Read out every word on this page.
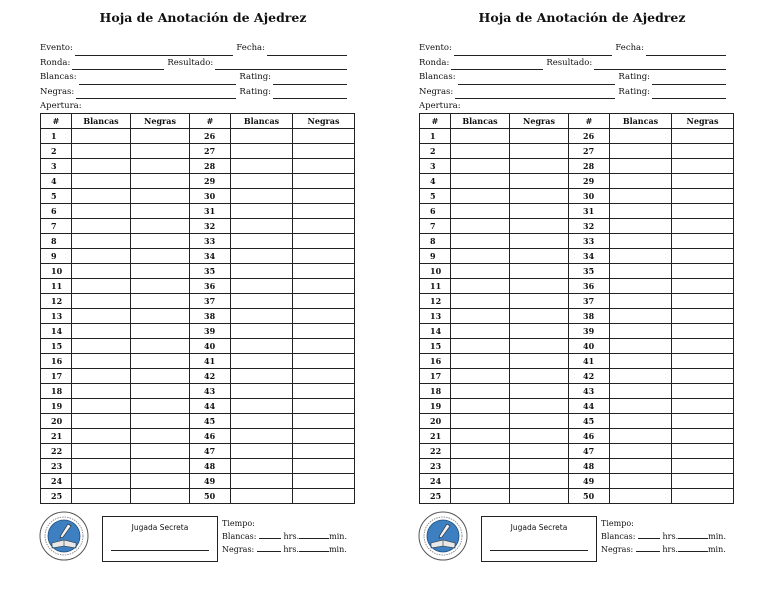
Hoja de Anotación de Ajedrez
Evento:	Fecha:
Ronda:	Resultado:
Blancas:	Rating:
Negras:	Rating:
Apertura:
#	Blancas	Negras	#	Blancas	Negras
1			26		
2			27		
3			28		
4			29		
5			30		
6			31		
7			32		
8			33		
9			34		
10			35		
11			36		
12			37		
13			38		
14			39		
15			40		
16			41		
17			42		
18			43		
19			44		
20			45		
21			46		
22			47		
23			48		
24			49		
25			50		
Jugada Secreta	Tiempo:
Blancas:	hrs.	min.
Negras:	hrs.	min.
Hoja de Anotación de Ajedrez
Evento:	Fecha:
Ronda:	Resultado:
Blancas:	Rating:
Negras:	Rating:
Apertura:
#	Blancas	Negras	#	Blancas	Negras
1			26		
2			27		
3			28		
4			29		
5			30		
6			31		
7			32		
8			33		
9			34		
10			35		
11			36		
12			37		
13			38		
14			39		
15			40		
16			41		
17			42		
18			43		
19			44		
20			45		
21			46		
22			47		
23			48		
24			49		
25			50		
Jugada Secreta	Tiempo:
Blancas:	hrs.	min.
Negras:	hrs.	min.
